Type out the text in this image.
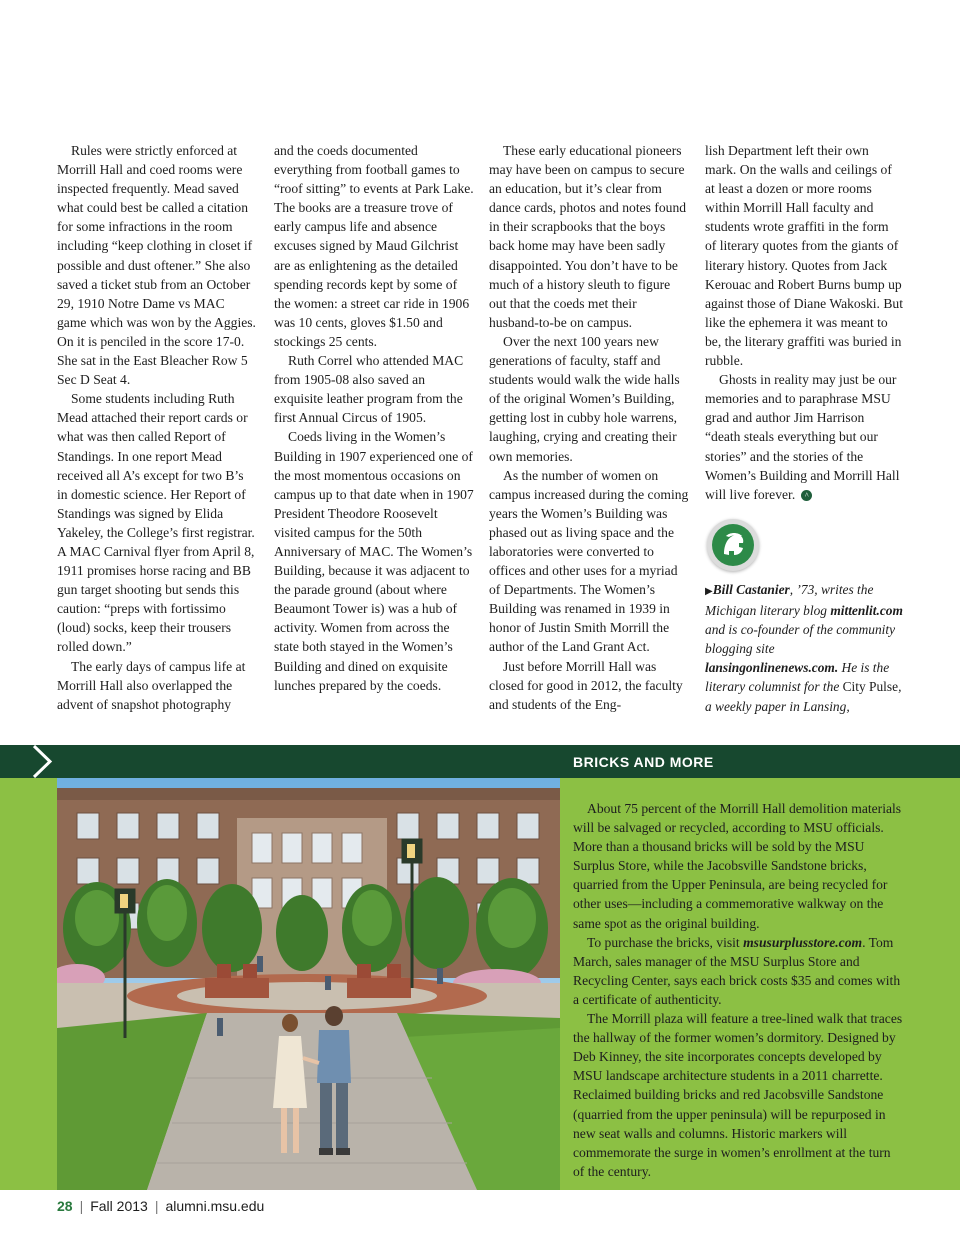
Rules were strictly enforced at Morrill Hall and coed rooms were inspected frequently. Mead saved what could best be called a citation for some infractions in the room including “keep clothing in closet if possible and dust oftener.” She also saved a ticket stub from an October 29, 1910 Notre Dame vs MAC game which was won by the Aggies. On it is penciled in the score 17-0. She sat in the East Bleacher Row 5 Sec D Seat 4.

Some students including Ruth Mead attached their report cards or what was then called Report of Standings. In one report Mead received all A’s except for two B’s in domestic science. Her Report of Standings was signed by Elida Yakeley, the College’s first registrar. A MAC Carnival flyer from April 8, 1911 promises horse racing and BB gun target shooting but sends this caution: “preps with fortissimo (loud) socks, keep their trousers rolled down.”

The early days of campus life at Morrill Hall also overlapped the advent of snapshot photography

and the coeds documented everything from football games to “roof sitting” to events at Park Lake. The books are a treasure trove of early campus life and absence excuses signed by Maud Gilchrist are as enlightening as the detailed spending records kept by some of the women: a street car ride in 1906 was 10 cents, gloves $1.50 and stockings 25 cents.

Ruth Correl who attended MAC from 1905-08 also saved an exquisite leather program from the first Annual Circus of 1905.

Coeds living in the Women’s Building in 1907 experienced one of the most momentous occasions on campus up to that date when in 1907 President Theodore Roosevelt visited campus for the 50th Anniversary of MAC. The Women’s Building, because it was adjacent to the parade ground (about where Beaumont Tower is) was a hub of activity. Women from across the state both stayed in the Women’s Building and dined on exquisite lunches prepared by the coeds.

These early educational pioneers may have been on campus to secure an education, but it’s clear from dance cards, photos and notes found in their scrapbooks that the boys back home may have been sadly disappointed. You don’t have to be much of a history sleuth to figure out that the coeds met their husband-to-be on campus.

Over the next 100 years new generations of faculty, staff and students would walk the wide halls of the original Women’s Building, getting lost in cubby hole warrens, laughing, crying and creating their own memories.

As the number of women on campus increased during the coming years the Women’s Building was phased out as living space and the laboratories were converted to offices and other uses for a myriad of Departments. The Women’s Building was renamed in 1939 in honor of Justin Smith Morrill the author of the Land Grant Act.

Just before Morrill Hall was closed for good in 2012, the faculty and students of the Eng-

lish Department left their own mark. On the walls and ceilings of at least a dozen or more rooms within Morrill Hall faculty and students wrote graffiti in the form of literary quotes from the giants of literary history. Quotes from Jack Kerouac and Robert Burns bump up against those of Diane Wakoski. But like the ephemera it was meant to be, the literary graffiti was buried in rubble.

Ghosts in reality may just be our memories and to paraphrase MSU grad and author Jim Harrison “death steals everything but our stories” and the stories of the Women’s Building and Morrill Hall will live forever. ^

▶Bill Castanier, ’73, writes the Michigan literary blog mittenlit.com and is co-founder of the community blogging site lansingonlinenews.com. He is the literary columnist for the City Pulse, a weekly paper in Lansing,
BRICKS AND MORE

About 75 percent of the Morrill Hall demolition materials will be salvaged or recycled, according to MSU officials. More than a thousand bricks will be sold by the MSU Surplus Store, while the Jacobsville Sandstone bricks, quarried from the Upper Peninsula, are being recycled for other uses—including a commemorative walkway on the same spot as the original building.

To purchase the bricks, visit msusurplusstore.com. Tom March, sales manager of the MSU Surplus Store and Recycling Center, says each brick costs $35 and comes with a certificate of authenticity.

The Morrill plaza will feature a tree-lined walk that traces the hallway of the former women’s dormitory. Designed by Deb Kinney, the site incorporates concepts developed by MSU landscape architecture students in a 2011 charrette. Reclaimed building bricks and red Jacobsville Sandstone (quarried from the upper peninsula) will be repurposed in new seat walls and columns. Historic markers will commemorate the surge in women’s enrollment at the turn of the century.

28 | Fall 2013 | alumni.msu.edu
